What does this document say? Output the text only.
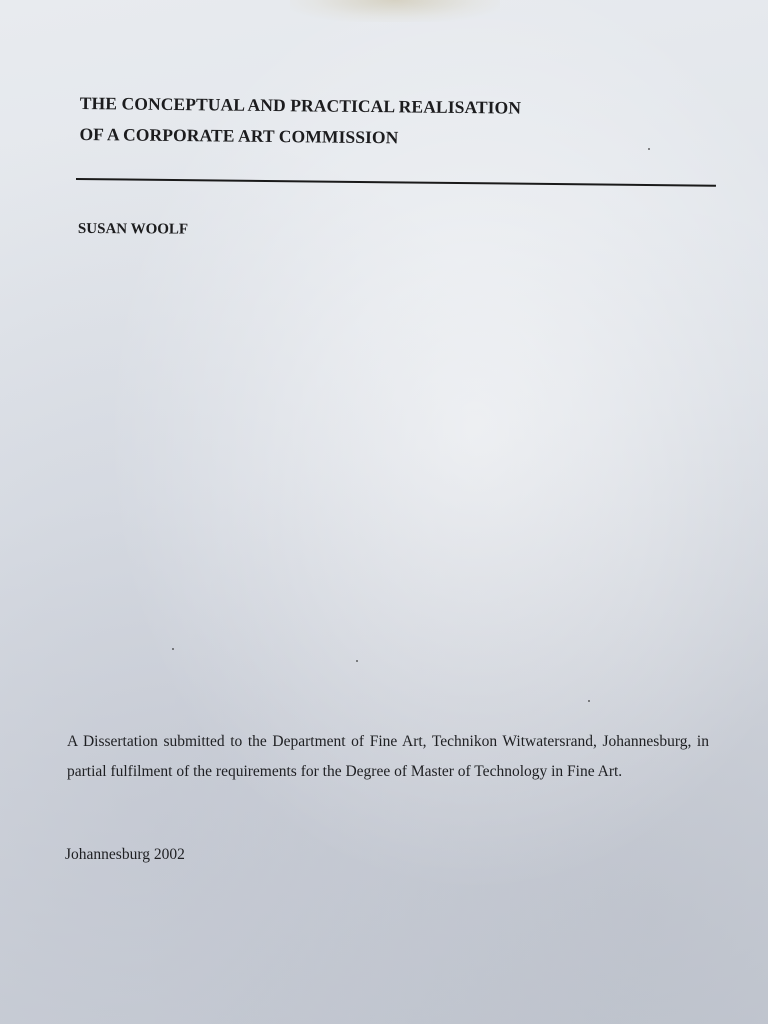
THE CONCEPTUAL AND PRACTICAL REALISATION
OF A CORPORATE ART COMMISSION

SUSAN WOOLF

A Dissertation submitted to the Department of Fine Art, Technikon Witwatersrand, Johannesburg, in partial fulfilment of the requirements for the Degree of Master of Technology in Fine Art.

Johannesburg 2002
